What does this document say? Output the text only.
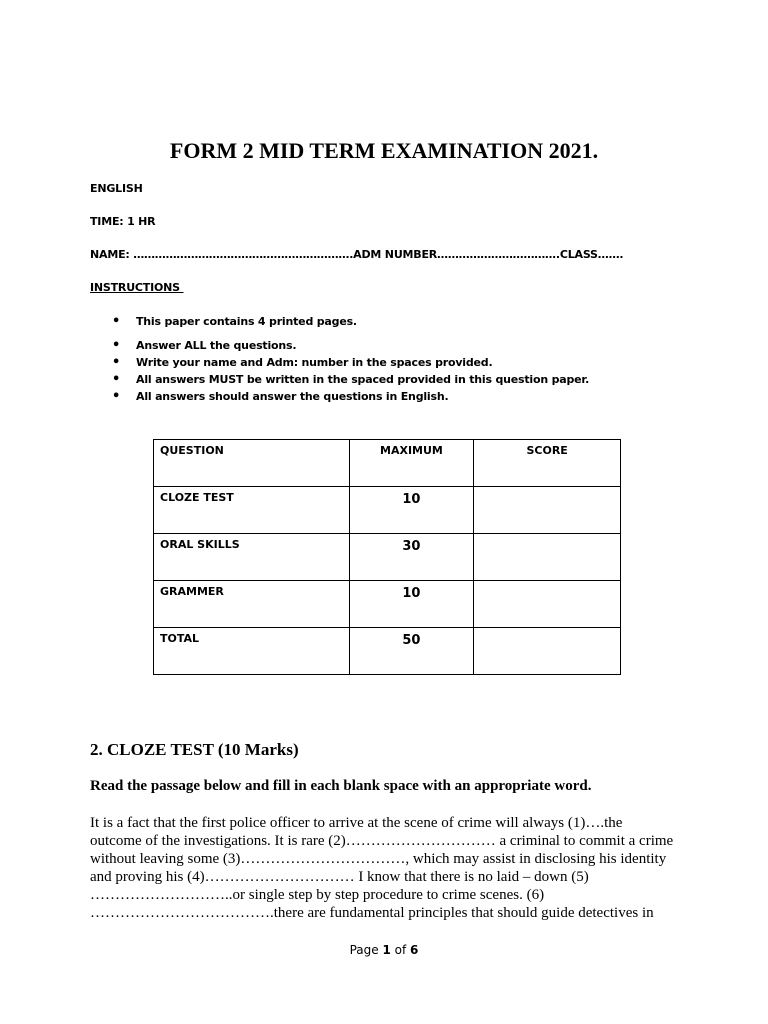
FORM 2 MID TERM EXAMINATION 2021.
ENGLISH
TIME: 1 HR
NAME: …………………………………………………….ADM NUMBER…………………………….CLASS…….
INSTRUCTIONS
• This paper contains 4 printed pages.
• Answer ALL the questions.
• Write your name and Adm: number in the spaces provided.
• All answers MUST be written in the spaced provided in this question paper.
• All answers should answer the questions in English.
QUESTION	MAXIMUM	SCORE
CLOZE TEST	10	
ORAL SKILLS	30	
GRAMMER	10	
TOTAL	50	
2. CLOZE TEST (10 Marks)
Read the passage below and fill in each blank space with an appropriate word.
It is a fact that the first police officer to arrive at the scene of crime will always (1)….the
outcome of the investigations. It is rare (2)………………………… a criminal to commit a crime
without leaving some (3)……………………………, which may assist in disclosing his identity
and proving his (4)………………………… I know that there is no laid – down (5)
………………………..or single step by step procedure to crime scenes. (6)
……………………………….there are fundamental principles that should guide detectives in
Page 1 of 6
